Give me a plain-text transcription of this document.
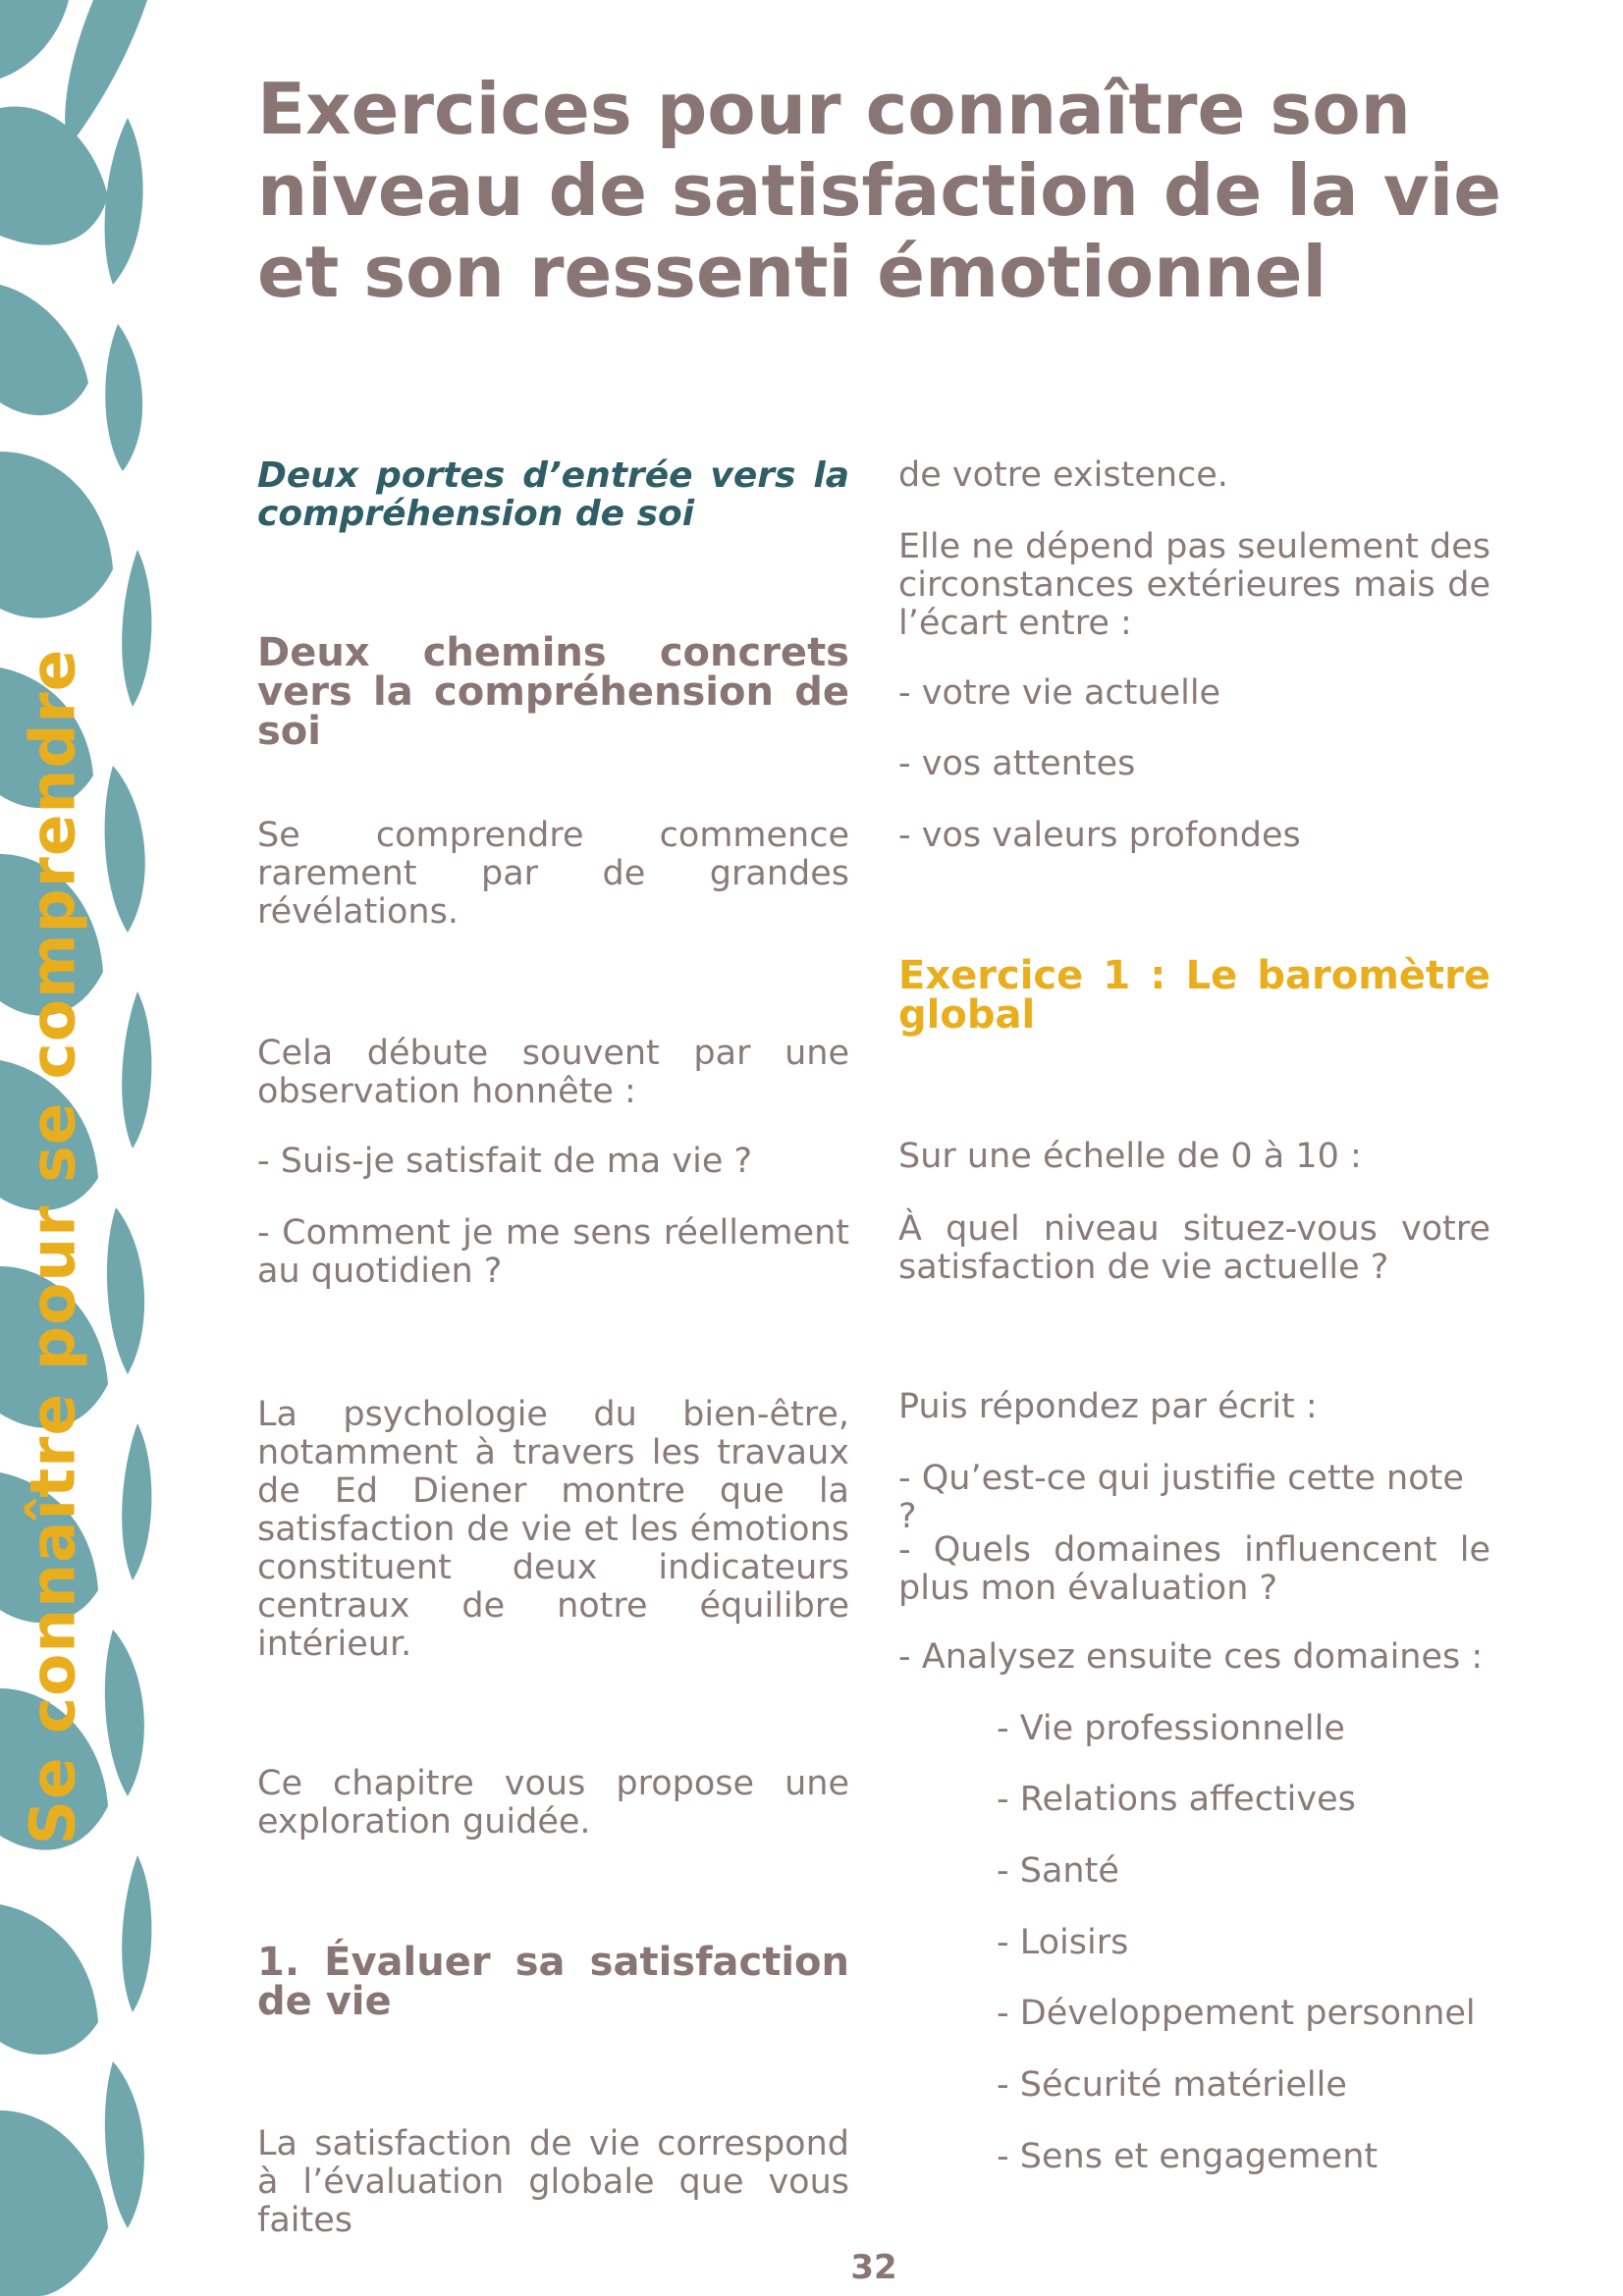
Se connaître pour se comprendre
Exercices pour connaître son niveau de satisfaction de la vie et son ressenti émotionnel

Deux portes d’entrée vers la compréhension de soi

Deux chemins concrets vers la compréhension de soi

Se comprendre commence rarement par de grandes révélations.

Cela débute souvent par une observation honnête :

- Suis-je satisfait de ma vie ?

- Comment je me sens réellement au quotidien ?

La psychologie du bien-être, notamment à travers les travaux de Ed Diener montre que la satisfaction de vie et les émotions constituent deux indicateurs centraux de notre équilibre intérieur.

Ce chapitre vous propose une exploration guidée.

1. Évaluer sa satisfaction de vie

La satisfaction de vie correspond à l’évaluation globale que vous faites

de votre existence.

Elle ne dépend pas seulement des circonstances extérieures mais de l’écart entre :

- votre vie actuelle

- vos attentes

- vos valeurs profondes

Exercice 1 : Le baromètre global

Sur une échelle de 0 à 10 :

À quel niveau situez-vous votre satisfaction de vie actuelle ?

Puis répondez par écrit :

- Qu’est-ce qui justifie cette note ?

- Quels domaines influencent le plus mon évaluation ?

- Analysez ensuite ces domaines :

- Vie professionnelle

- Relations affectives

- Santé

- Loisirs

- Développement personnel

- Sécurité matérielle

- Sens et engagement

32
